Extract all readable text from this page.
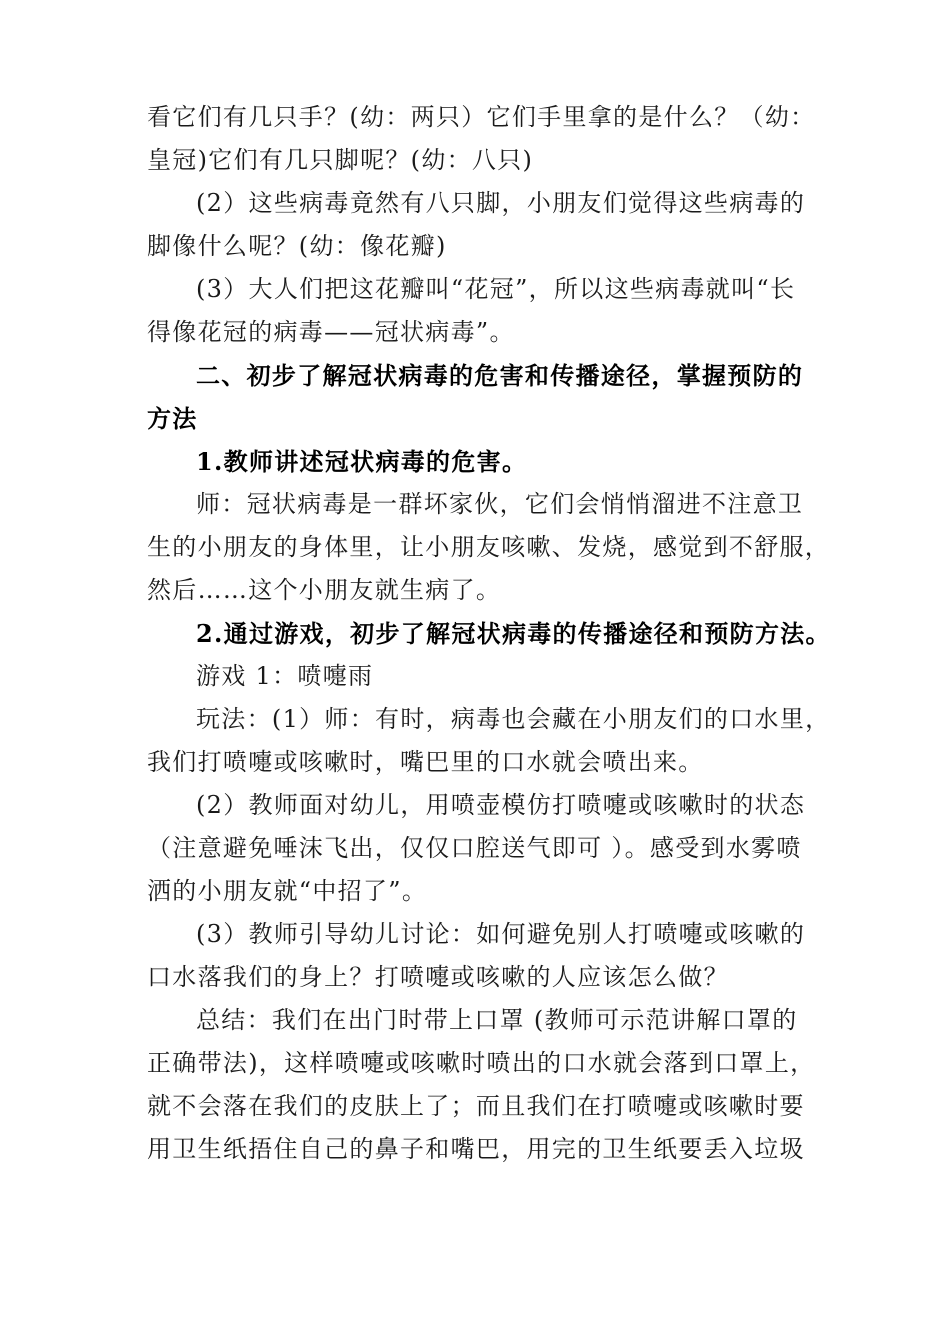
看它们有几只手？(幼：两只）它们手里拿的是什么？（幼：
皇冠)它们有几只脚呢？(幼：八只)
(2）这些病毒竟然有八只脚，小朋友们觉得这些病毒的
脚像什么呢？(幼：像花瓣)
(3）大人们把这花瓣叫“花冠”，所以这些病毒就叫“长
得像花冠的病毒——冠状病毒”。
二、初步了解冠状病毒的危害和传播途径，掌握预防的
方法
1.教师讲述冠状病毒的危害。
师：冠状病毒是一群坏家伙，它们会悄悄溜进不注意卫
生的小朋友的身体里，让小朋友咳嗽、发烧，感觉到不舒服，
然后……这个小朋友就生病了。
2.通过游戏，初步了解冠状病毒的传播途径和预防方法。
游戏 1：喷嚏雨
玩法：(1）师：有时，病毒也会藏在小朋友们的口水里，
我们打喷嚏或咳嗽时，嘴巴里的口水就会喷出来。
(2）教师面对幼儿，用喷壶模仿打喷嚏或咳嗽时的状态
（注意避免唾沫飞出，仅仅口腔送气即可 ）。感受到水雾喷
洒的小朋友就“中招了”。
(3）教师引导幼儿讨论：如何避免别人打喷嚏或咳嗽的
口水落我们的身上？打喷嚏或咳嗽的人应该怎么做？
总结：我们在出门时带上口罩 (教师可示范讲解口罩的
正确带法)，这样喷嚏或咳嗽时喷出的口水就会落到口罩上，
就不会落在我们的皮肤上了；而且我们在打喷嚏或咳嗽时要
用卫生纸捂住自己的鼻子和嘴巴，用完的卫生纸要丢入垃圾
